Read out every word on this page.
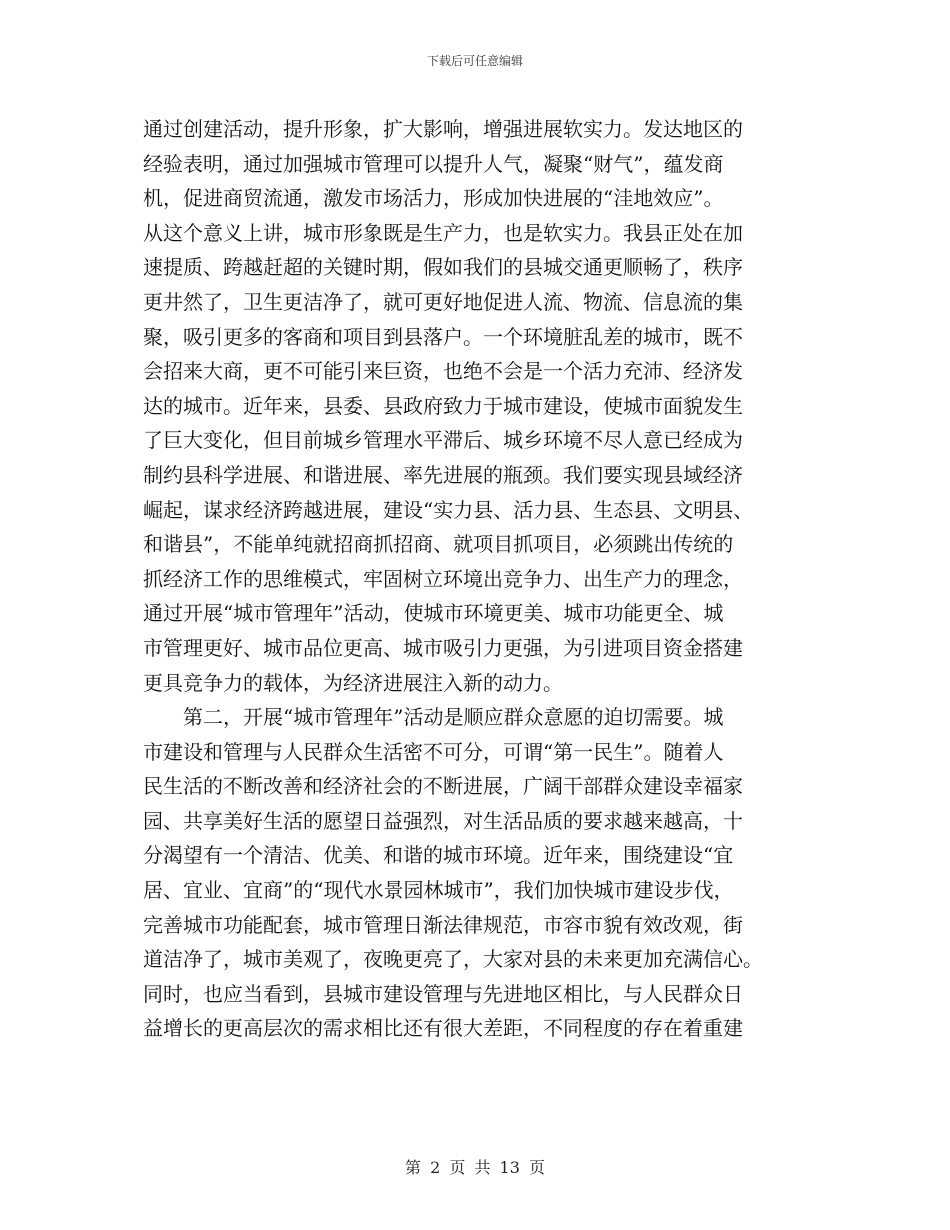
下载后可任意编辑
通过创建活动，提升形象，扩大影响，增强进展软实力。发达地区的
经验表明，通过加强城市管理可以提升人气，凝聚“财气”，蕴发商
机，促进商贸流通，激发市场活力，形成加快进展的“洼地效应”。
从这个意义上讲，城市形象既是生产力，也是软实力。我县正处在加
速提质、跨越赶超的关键时期，假如我们的县城交通更顺畅了，秩序
更井然了，卫生更洁净了，就可更好地促进人流、物流、信息流的集
聚，吸引更多的客商和项目到县落户。一个环境脏乱差的城市，既不
会招来大商，更不可能引来巨资，也绝不会是一个活力充沛、经济发
达的城市。近年来，县委、县政府致力于城市建设，使城市面貌发生
了巨大变化，但目前城乡管理水平滞后、城乡环境不尽人意已经成为
制约县科学进展、和谐进展、率先进展的瓶颈。我们要实现县域经济
崛起，谋求经济跨越进展，建设“实力县、活力县、生态县、文明县、
和谐县”，不能单纯就招商抓招商、就项目抓项目，必须跳出传统的
抓经济工作的思维模式，牢固树立环境出竞争力、出生产力的理念，
通过开展“城市管理年”活动，使城市环境更美、城市功能更全、城
市管理更好、城市品位更高、城市吸引力更强，为引进项目资金搭建
更具竞争力的载体，为经济进展注入新的动力。
第二，开展“城市管理年”活动是顺应群众意愿的迫切需要。城
市建设和管理与人民群众生活密不可分，可谓“第一民生”。随着人
民生活的不断改善和经济社会的不断进展，广阔干部群众建设幸福家
园、共享美好生活的愿望日益强烈，对生活品质的要求越来越高，十
分渴望有一个清洁、优美、和谐的城市环境。近年来，围绕建设“宜
居、宜业、宜商”的“现代水景园林城市”，我们加快城市建设步伐，
完善城市功能配套，城市管理日渐法律规范，市容市貌有效改观，街
道洁净了，城市美观了，夜晚更亮了，大家对县的未来更加充满信心。
同时，也应当看到，县城市建设管理与先进地区相比，与人民群众日
益增长的更高层次的需求相比还有很大差距，不同程度的存在着重建
第 2 页 共 13 页
